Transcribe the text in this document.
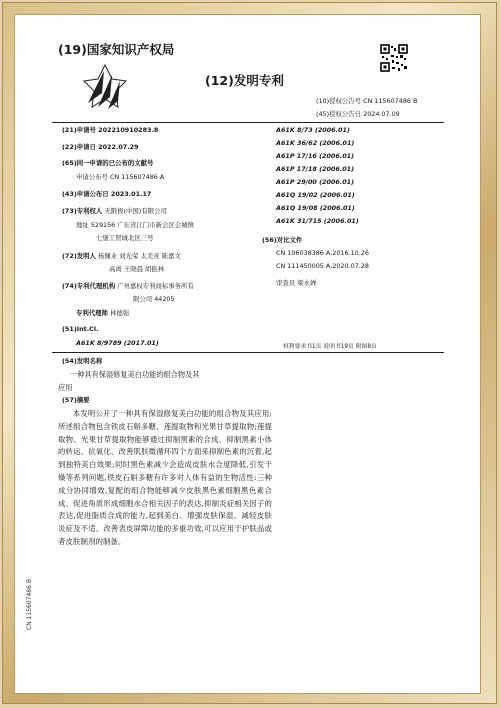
(19)国家知识产权局
(12)发明专利
(10)授权公告号 CN 115607486 B
(45)授权公告日 2024.07.09
(21)申请号 202210910283.8
(22)申请日 2022.07.29
(65)同一申请的已公布的文献号
申请公布号 CN 115607486 A
(43)申请公布日 2023.01.17
(73)专利权人 无限极(中国)有限公司
地址 529156 广东省江门市新会区会城镇
七堡工贸城北区三号
(72)发明人 杨佩业 刘光荣 太美灵 陈嘉文
高离 王晓晨 胡振林
(74)专利代理机构 广州嘉权专利商标事务所有
限公司 44205
专利代理师 林德强
(51)Int.Cl.
A61K 8/9789 (2017.01)
A61K 8/73 (2006.01)
A61K 36/62 (2006.01)
A61P 17/16 (2006.01)
A61P 17/18 (2006.01)
A61P 29/00 (2006.01)
A61Q 19/02 (2006.01)
A61Q 19/08 (2006.01)
A61K 31/715 (2006.01)
(56)对比文件
CN 106038386 A,2016.10.26
CN 111450005 A,2020.07.28
审查员 梁永婵
权利要求书1页 说明书19页 附图8页
(54)发明名称
一种具有保湿修复美白功能的组合物及其
应用
(57)摘要
本发明公开了一种具有保湿修复美白功能的组合物及其应用;所述组合物包含铁皮石斛多糖、莲提取物和光果甘草提取物;莲提取物、光果甘草提取物能够通过抑制黑素的合成、抑制黑素小体的转运、抗氧化、改善肌肤微循环四个方面来抑制色素的沉着,起到独特美白效果;同时黑色素减少会造成皮肤水合度降低,引发干燥等系列问题,铁皮石斛多糖有许多对人体有益的生物活性:三种成分协同增效,复配的组合物能够减少皮肤黑色素细胞黑色素合成、促进角质形成细胞水合相关因子的表达,抑制炎症相关因子的表达,促进脂质合成的能力,起到美白、增强皮肤保湿、减轻皮肤炎症及不适、改善表皮屏障功能的多重功效,可以应用于护肤品或者皮肤制剂的制备。
CN 115607486 B
